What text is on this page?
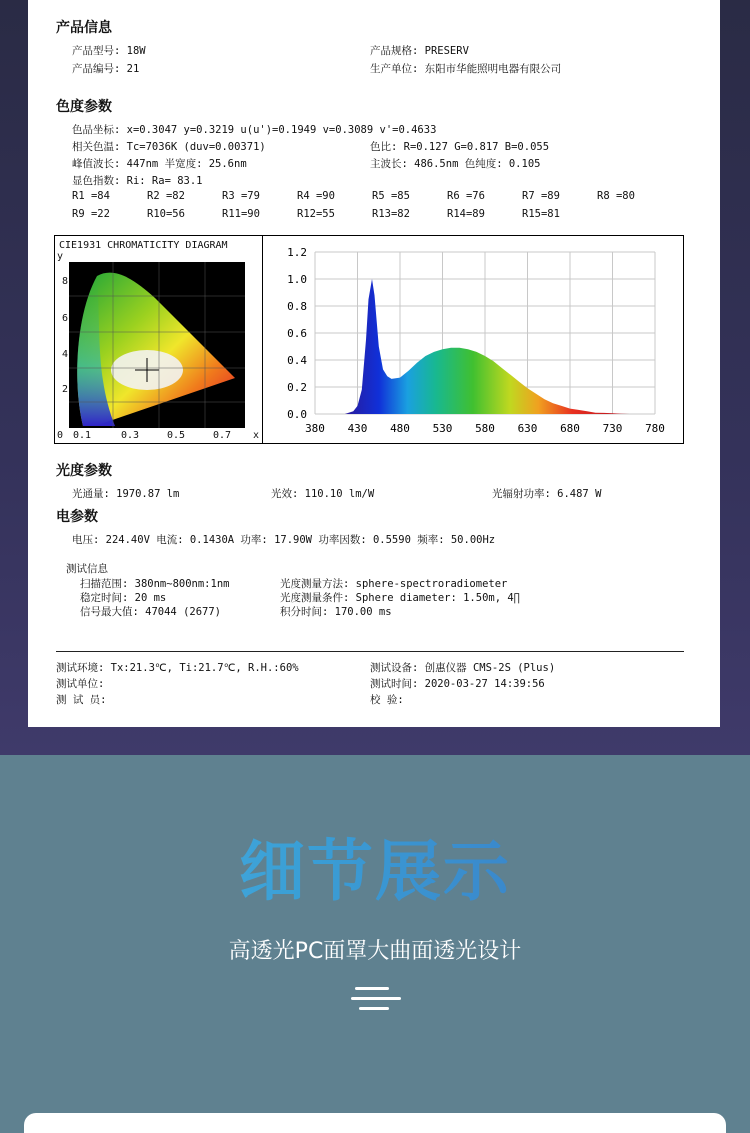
产品信息
产品型号: 18W	产品规格: PRESERV
产品编号: 21	生产单位: 东阳市华能照明电器有限公司
色度参数
色品坐标: x=0.3047 y=0.3219 u(u')=0.1949 v=0.3089 v'=0.4633
相关色温: Tc=7036K (duv=0.00371)	色比: R=0.127 G=0.817 B=0.055
峰值波长: 447nm 半宽度: 25.6nm	主波长: 486.5nm 色纯度: 0.105
显色指数: Ri: Ra= 83.1
R1 =84	R2 =82	R3 =79	R4 =90	R5 =85	R6 =76	R7 =89	R8 =80
R9 =22	R10=56	R11=90	R12=55	R13=82	R14=89	R15=81
CIE1931 CHROMATICITY DIAGRAM
y
x
8
6
4
2
0 0.1	0.3	0.5	0.7
380 430 480 530 580 630 680 730 780
0.0
0.2
0.4
0.6
0.8
1.0
1.2
光度参数
光通量: 1970.87 lm	光效: 110.10 lm/W	光辐射功率: 6.487 W
电参数
电压: 224.40V 电流: 0.1430A 功率: 17.90W 功率因数: 0.5590 频率: 50.00Hz
测试信息
扫描范围: 380nm~800nm:1nm	光度测量方法: sphere-spectroradiometer
稳定时间: 20 ms	光度测量条件: Sphere diameter: 1.50m, 4∏
信号最大值: 47044 (2677)	积分时间: 170.00 ms
测试环境: Tx:21.3℃, Ti:21.7℃, R.H.:60%	测试设备: 创惠仪器 CMS-2S (Plus)
测试单位:	测试时间: 2020-03-27 14:39:56
测 试 员:	校 验:
细节展示
高透光PC面罩大曲面透光设计
